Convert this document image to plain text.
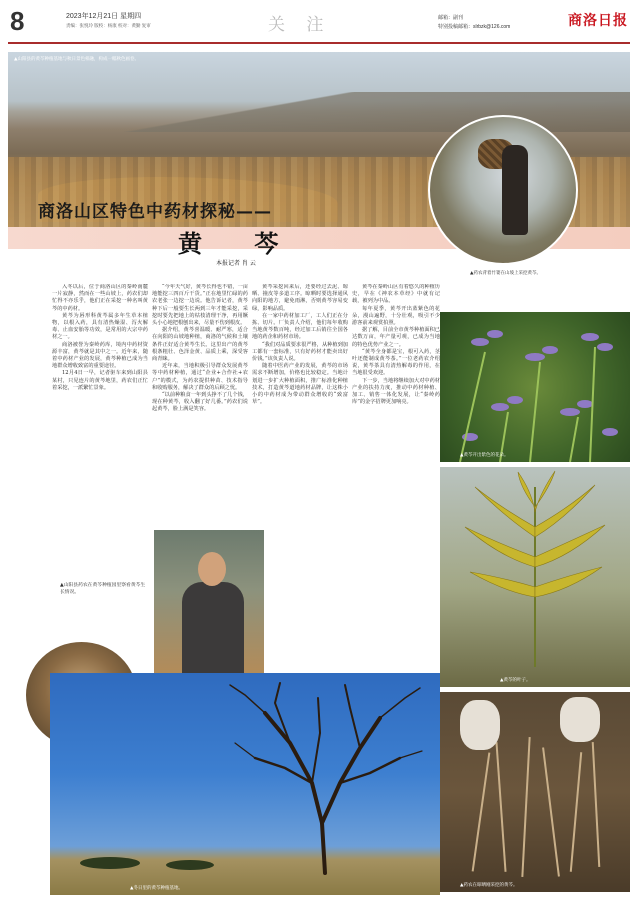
8	2023年12月21日 星期四
责编：张悦玲 版校：杨康 校对：黄勤 复审	关 注	邮箱：副刊
特别投稿邮箱：slrbzk@126.com	商洛日报
▲山阳县的黄芩种植基地与秋日景色相融，构成一幅秋色画卷。
▲药农背着竹篓在山坡上采挖黄芩。
商洛山区特色中药材探秘——
黄 芩
本报记者 肖 云

入冬以后，位于商洛山区的秦岭南麓一片寂静，然而在一些山坡上，药农们却忙得不亦乐乎，他们正在采挖一种名叫黄芩的中药材。

黄芩为唇形科黄芩属多年生草本植物，以根入药，具有清热燥湿、泻火解毒、止血安胎等功效，是常用的大宗中药材之一。

商洛被誉为秦岭药库，境内中药材资源丰富，黄芩就是其中之一。近年来，随着中药材产业的发展，黄芩种植已成为当地群众增收致富的重要途径。

12月4日一早，记者驱车来到山阳县某村，只见连片的黄芩地里，药农们正忙着采挖，一派繁忙景象。

“今年天气好，黄芩长得也不错，一亩地能挖三四百斤干货。”正在地里忙碌的药农老张一边挖一边说。他告诉记者，黄芩种下后一般要生长两到三年才能采挖，采挖时要先把地上的枯枝清理干净，再用镢头小心地把根刨出来，尽量不伤到根皮。

据介绍，黄芩喜温暖、耐严寒，适合在向阳的山坡地种植，商洛的气候和土壤条件正好适合黄芩生长。这里出产的黄芩根条粗壮、色泽金黄、品质上乘，深受客商青睐。

近年来，当地积极引导群众发展黄芩等中药材种植，通过“企业+合作社+农户”的模式，为药农提供种苗、技术指导和收购服务，解决了群众的后顾之忧。

“以前种粮食一年到头挣不了几个钱，现在种黄芩，收入翻了好几番。”药农们说起黄芩，脸上满是笑容。

黄芩采挖回来后，还要经过去泥、晾晒、撞皮等多道工序。晾晒时要选择通风向阳的地方，避免雨淋，否则黄芩容易变绿，影响品质。

在一家中药材加工厂，工人们正在分拣、切片。厂负责人介绍，他们每年收购当地黄芩数百吨，经过加工后销往全国各地的药企和药材市场。

“我们对品质要求很严格，从种植到加工都有一套标准，只有好药材才能卖出好价钱。”该负责人说。

随着中医药产业的发展，黄芩的市场需求不断增加，价格也比较稳定。当地计划进一步扩大种植面积，推广标准化种植技术，打造黄芩道地药材品牌，让这株小小的中药材成为带动群众增收的“致富草”。

黄芩在秦岭山区有着悠久的种植历史，早在《神农本草经》中就有记载，被列为中品。

每年夏季，黄芩开出蓝紫色的花朵，漫山遍野，十分壮观，吸引不少游客前来观赏拍照。

据了解，目前全市黄芩种植面积已达数万亩，年产量可观，已成为当地的特色优势产业之一。

“黄芩全身都是宝，根可入药，茎叶还能制成黄芩茶。”一位老药农介绍说，黄芩茶具有清热解毒的作用，在当地很受欢迎。

下一步，当地将继续加大对中药材产业的扶持力度，推动中药材种植、加工、销售一体化发展，让“秦岭药库”的金字招牌更加响亮。

▲山阳县药农在黄芩种植园里察看黄芩生长情况。
▲冬日里的黄芩种植基地。
▲黄芩开出紫色的花朵。
▲黄芩的叶子。
▲药农在晾晒刚采挖的黄芩。
